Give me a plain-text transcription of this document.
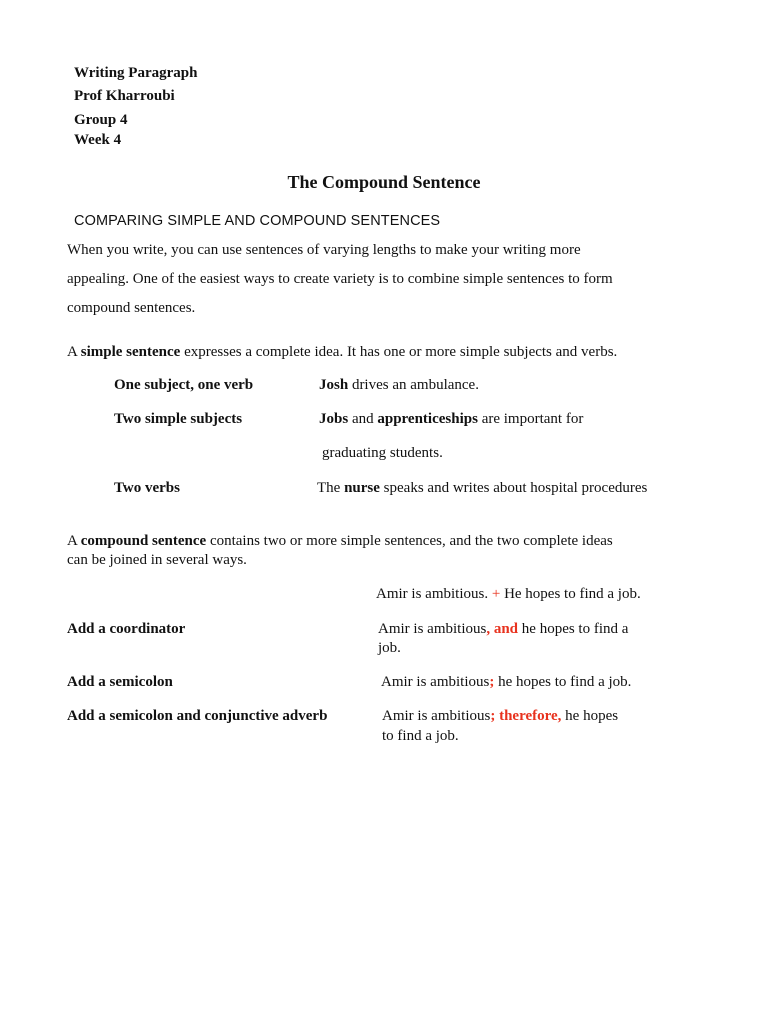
Writing Paragraph
Prof Kharroubi
Group 4
Week 4
The Compound Sentence
COMPARING SIMPLE AND COMPOUND SENTENCES
When you write, you can use sentences of varying lengths to make your writing more
appealing. One of the easiest ways to create variety is to combine simple sentences to form
compound sentences.
A simple sentence expresses a complete idea. It has one or more simple subjects and verbs.
One subject, one verb	Josh drives an ambulance.
Two simple subjects	Jobs and apprenticeships are important for
graduating students.
Two verbs	The nurse speaks and writes about hospital procedures
A compound sentence contains two or more simple sentences, and the two complete ideas
can be joined in several ways.
Amir is ambitious. + He hopes to find a job.
Add a coordinator	Amir is ambitious, and he hopes to find a
job.
Add a semicolon	Amir is ambitious; he hopes to find a job.
Add a semicolon and conjunctive adverb	Amir is ambitious; therefore, he hopes
to find a job.
